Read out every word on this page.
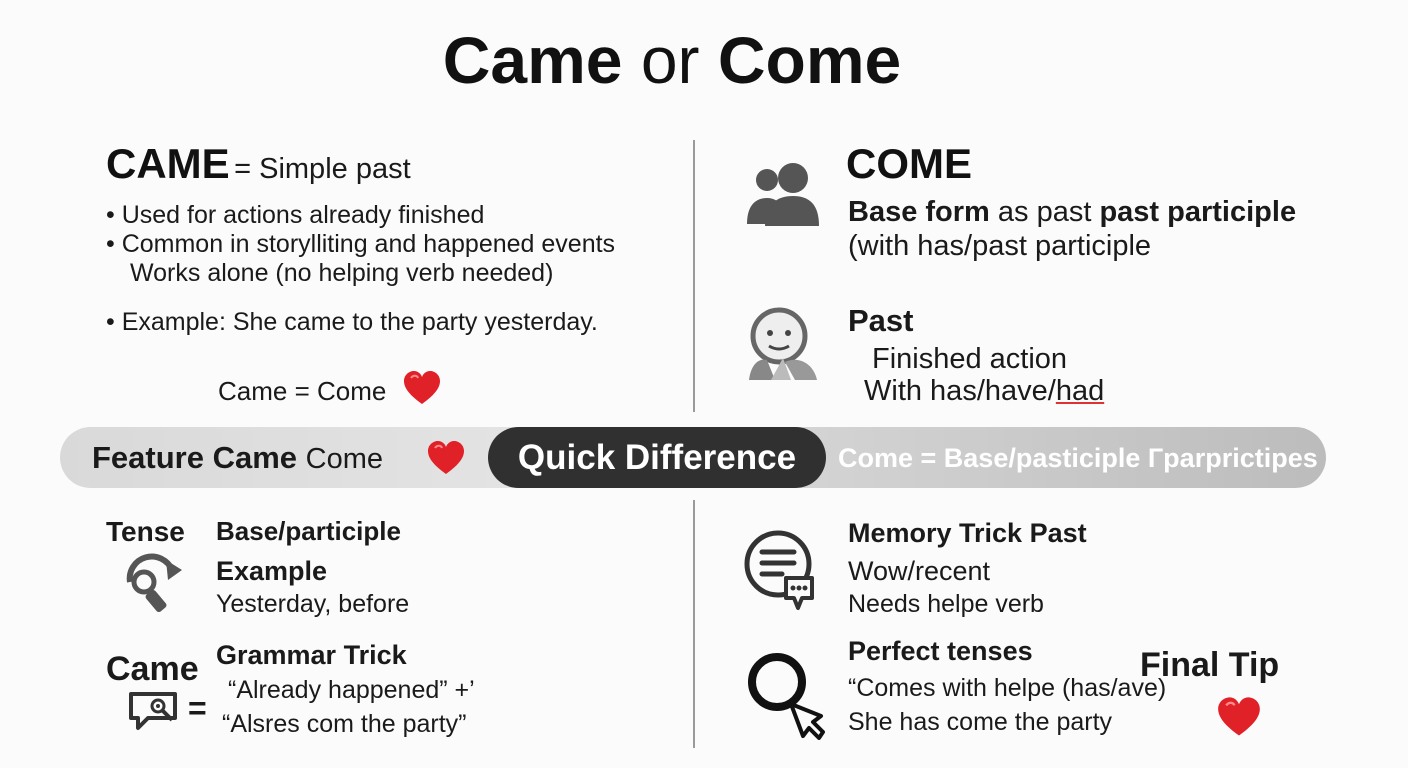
Came or Come
CAME = Simple past
• Used for actions already finished
• Common in storylliting and happened events
Works alone (no helping verb needed)
• Example: She came to the party yesterday.
Came = Come
COME
Base form as past past participle
(with has/past participle
Past
Finished action
With has/have/had
Feature Came Come	Quick Difference	Come = Base/pasticiple Гparprictipes
Tense Base/participle
Example
Yesterday, before
Came Grammar Trick
“Already happened” +’
= “Alsres com the party”
Memory Trick Past
Wow/recent
Needs helpe verb
Perfect tenses
“Comes with helpe (has/ave)
She has come the party
Final Tip
